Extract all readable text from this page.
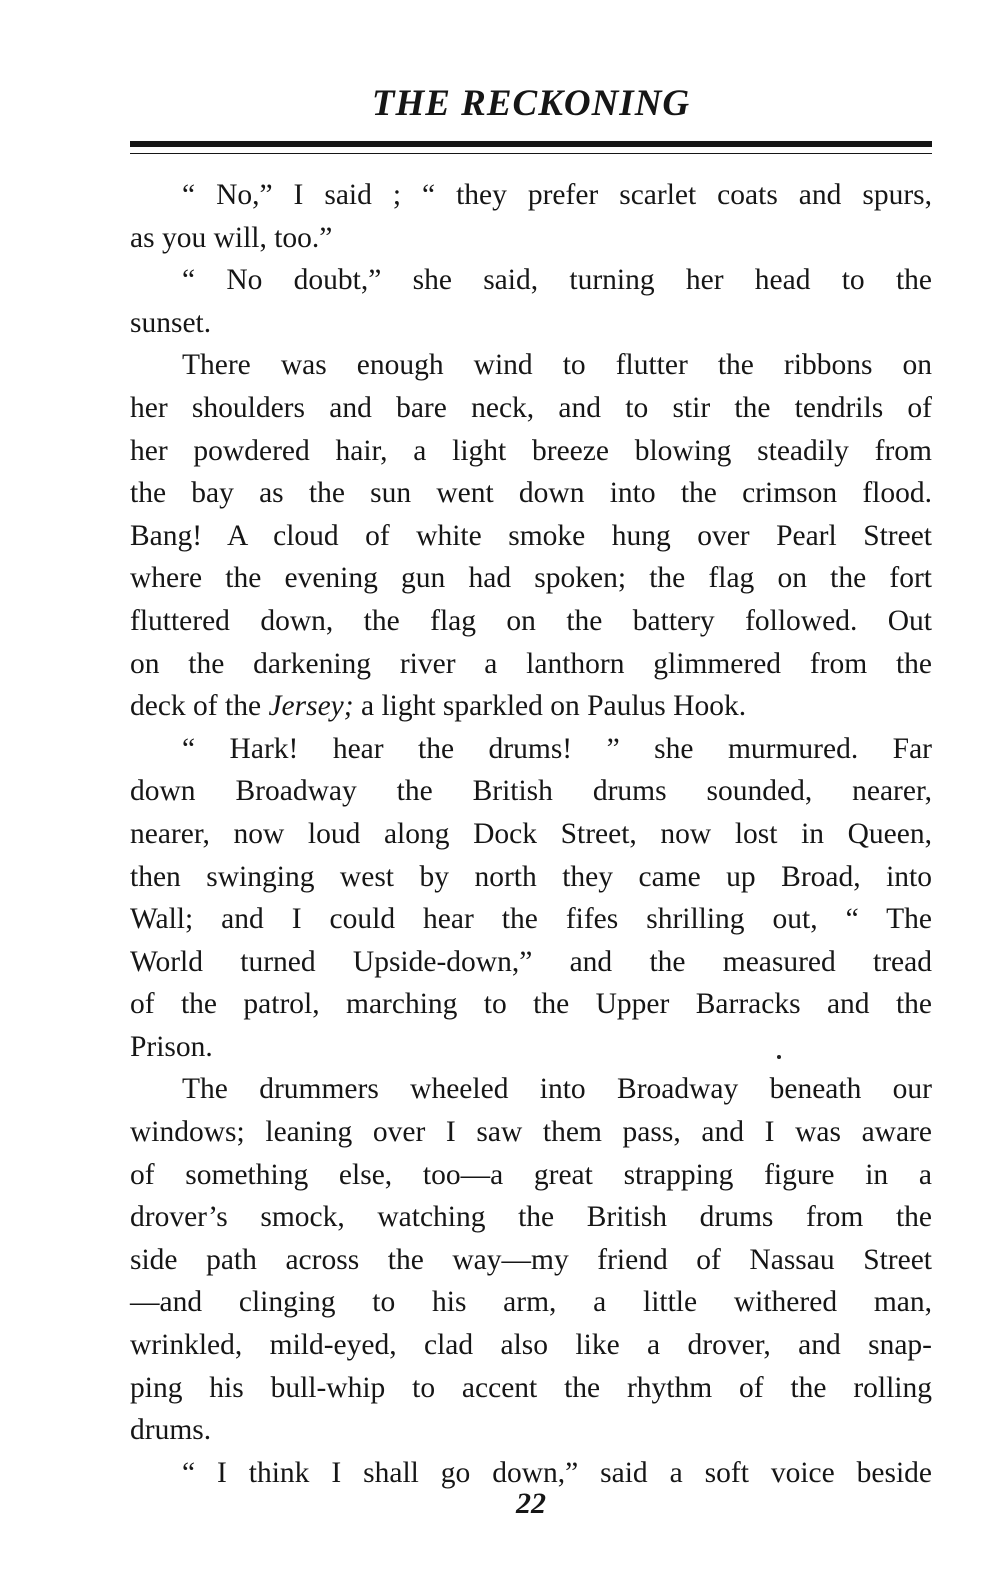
THE RECKONING

“ No,” I said ; “ they prefer scarlet coats and spurs,
as you will, too.”

“ No doubt,” she said, turning her head to the
sunset.

There was enough wind to flutter the ribbons on
her shoulders and bare neck, and to stir the tendrils of
her powdered hair, a light breeze blowing steadily from
the bay as the sun went down into the crimson flood.
Bang! A cloud of white smoke hung over Pearl Street
where the evening gun had spoken; the flag on the fort
fluttered down, the flag on the battery followed. Out
on the darkening river a lanthorn glimmered from the
deck of the Jersey; a light sparkled on Paulus Hook.

“ Hark! hear the drums! ” she murmured. Far
down Broadway the British drums sounded, nearer,
nearer, now loud along Dock Street, now lost in Queen,
then swinging west by north they came up Broad, into
Wall; and I could hear the fifes shrilling out, “ The
World turned Upside-down,” and the measured tread
of the patrol, marching to the Upper Barracks and the
Prison.

The drummers wheeled into Broadway beneath our
windows; leaning over I saw them pass, and I was aware
of something else, too—a great strapping figure in a
drover’s smock, watching the British drums from the
side path across the way—my friend of Nassau Street
—and clinging to his arm, a little withered man,
wrinkled, mild-eyed, clad also like a drover, and snap-
ping his bull-whip to accent the rhythm of the rolling
drums.

“ I think I shall go down,” said a soft voice beside

22
